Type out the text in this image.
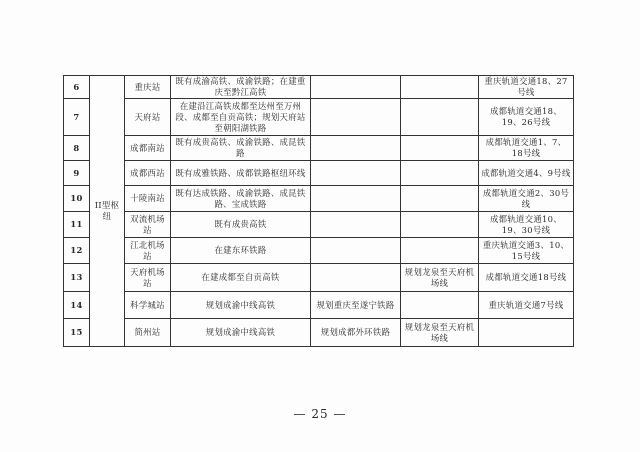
6	II型枢纽	重庆站	既有成渝高铁、成渝铁路；在建重庆至黔江高铁			重庆轨道交通18、27号线
7		天府站	在建沿江高铁成都至达州至万州段、成都至自贡高铁；规划天府站至朝阳湖铁路			成都轨道交通18、19、26号线
8		成都南站	既有成贵高铁、成渝铁路、成昆铁路			成都轨道交通1、7、18号线
9		成都西站	既有成雅铁路、成都铁路枢纽环线			成都轨道交通4、9号线
10		十陵南站	既有达成铁路、成渝铁路、成昆铁路、宝成铁路			成都轨道交通2、30号线
11		双流机场站	既有成贵高铁			成都轨道交通10、19、30号线
12		江北机场站	在建东环铁路			重庆轨道交通3、10、15号线
13		天府机场站	在建成都至自贡高铁		规划龙泉至天府机场线	成都轨道交通18号线
14		科学城站	规划成渝中线高铁	规划重庆至遂宁铁路		重庆轨道交通7号线
15		简州站	规划成渝中线高铁	规划成都外环铁路	规划龙泉至天府机场线	
— 25 —
